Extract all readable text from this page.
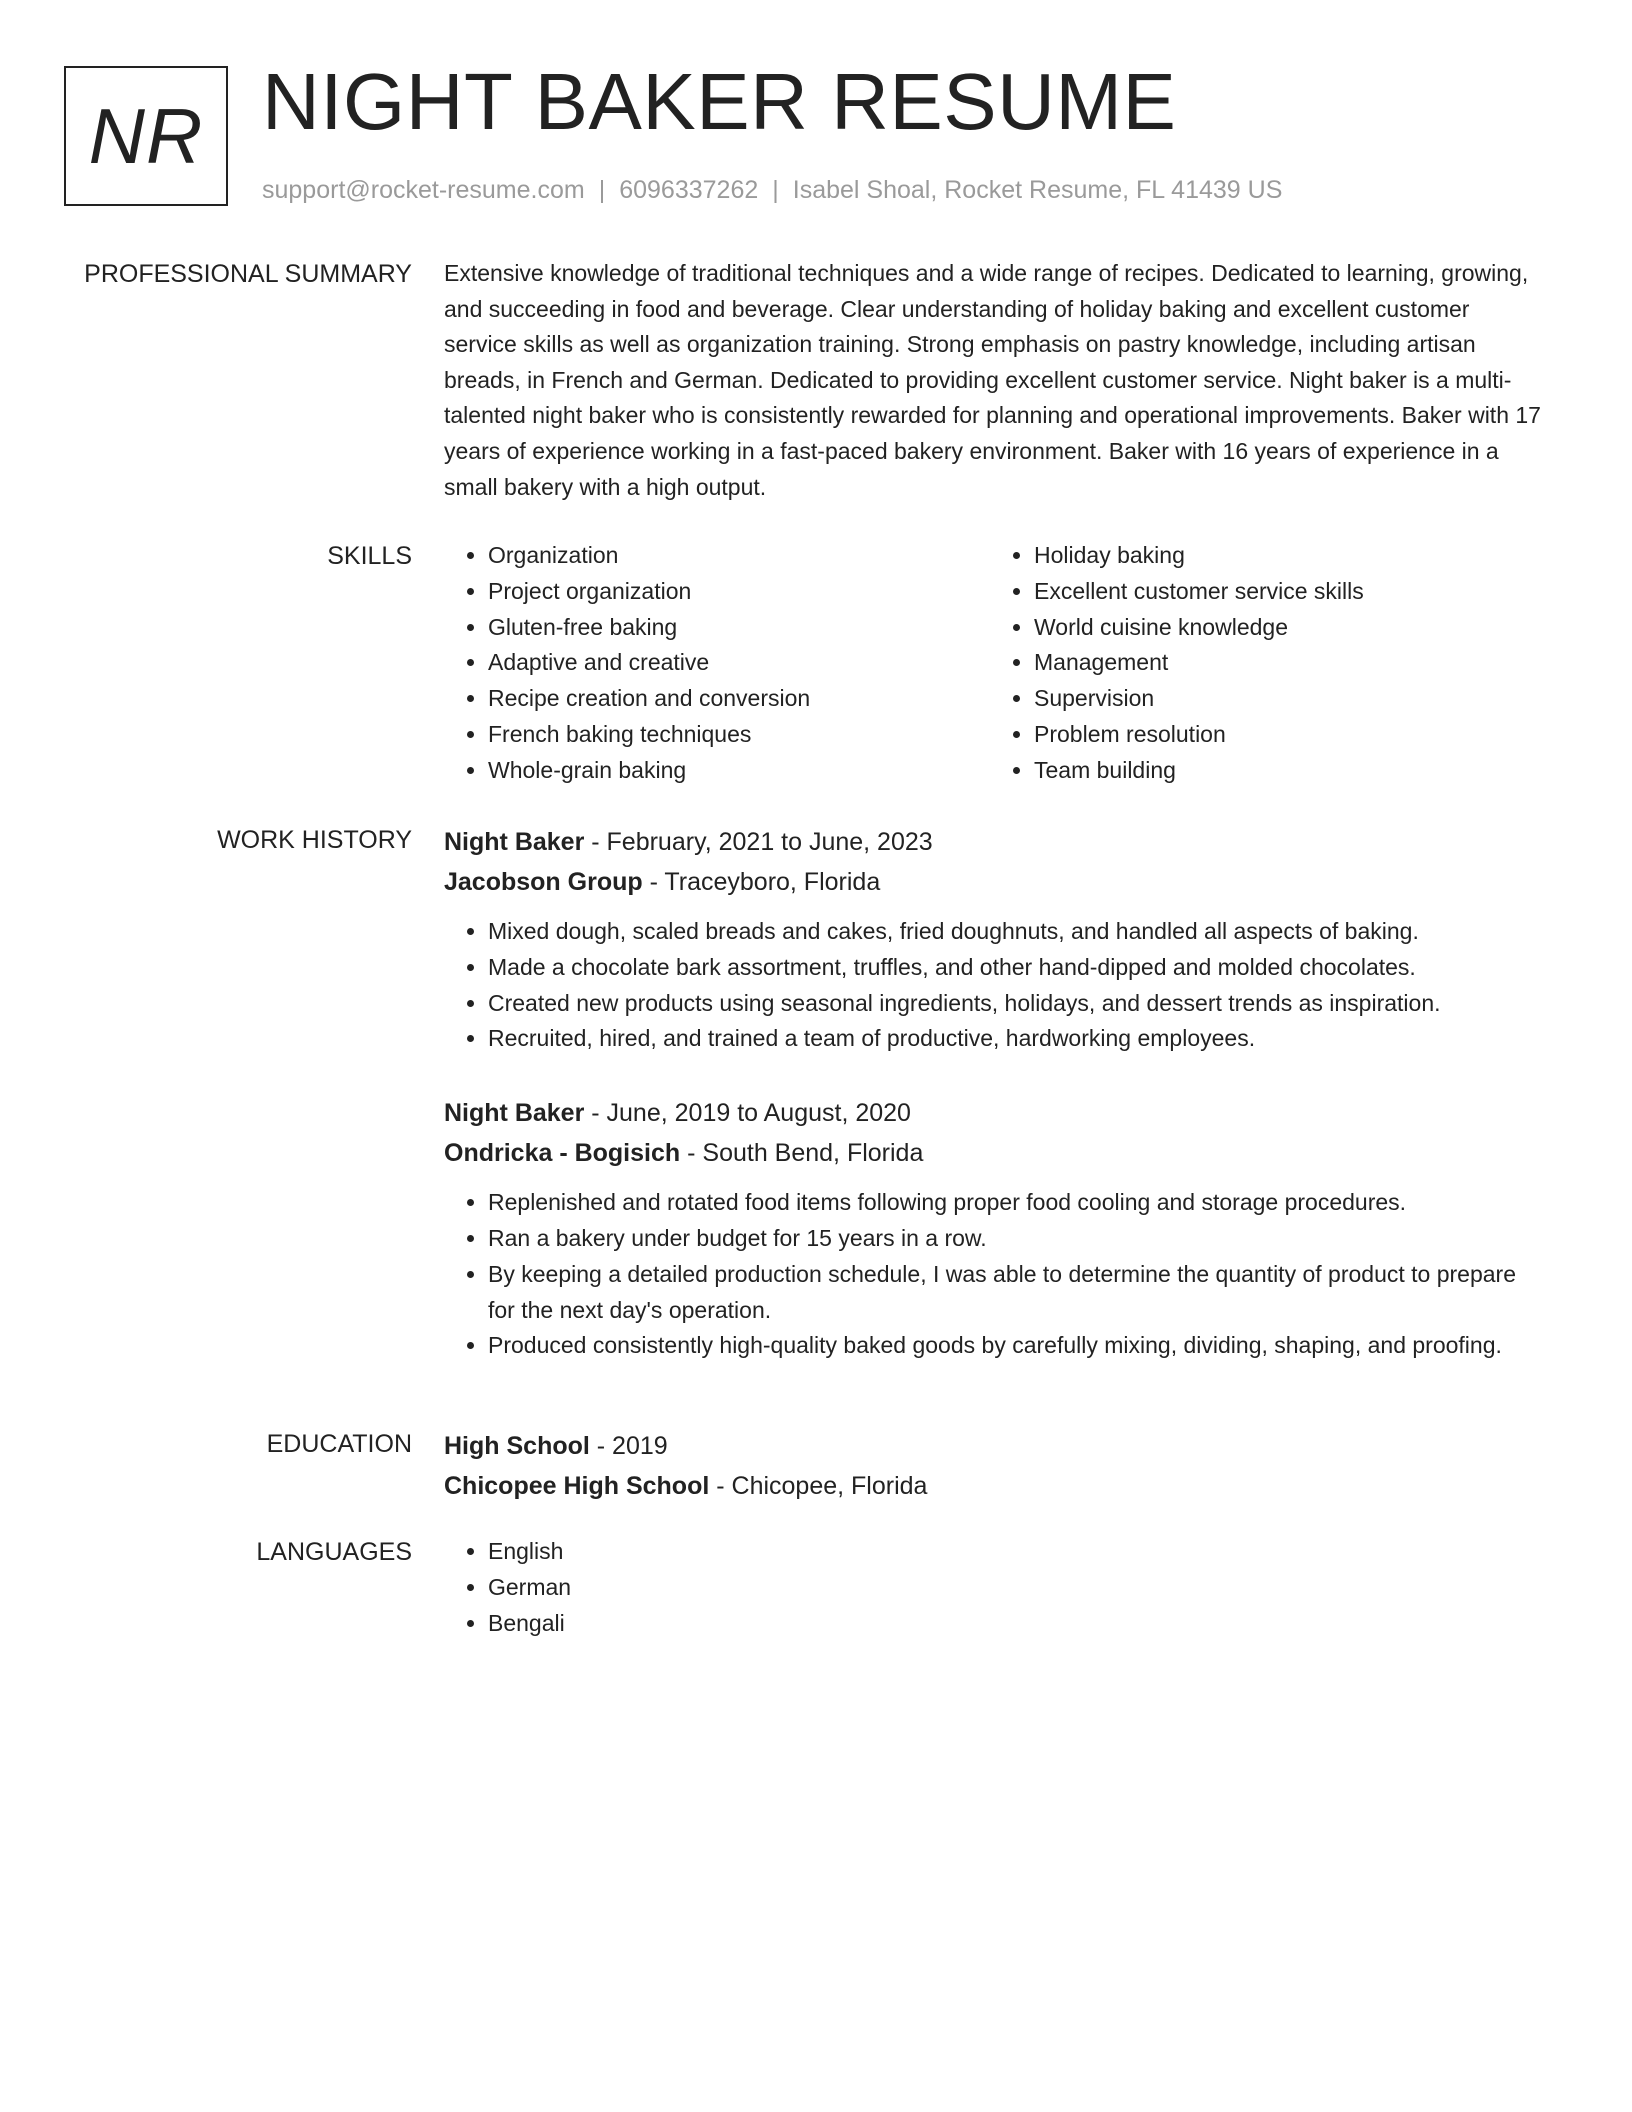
NR NIGHT BAKER RESUME
support@rocket-resume.com | 6096337262 | Isabel Shoal, Rocket Resume, FL 41439 US
PROFESSIONAL SUMMARY Extensive knowledge of traditional techniques and a wide range of recipes. Dedicated to learning, growing, and succeeding in food and beverage. Clear understanding of holiday baking and excellent customer service skills as well as organization training. Strong emphasis on pastry knowledge, including artisan breads, in French and German. Dedicated to providing excellent customer service. Night baker is a multi-talented night baker who is consistently rewarded for planning and operational improvements. Baker with 17 years of experience working in a fast-paced bakery environment. Baker with 16 years of experience in a small bakery with a high output.

SKILLS	• Organization
• Project organization
• Gluten-free baking
• Adaptive and creative
• Recipe creation and conversion
• French baking techniques
• Whole-grain baking
• Holiday baking
• Excellent customer service skills
• World cuisine knowledge
• Management
• Supervision
• Problem resolution
• Team building
WORK HISTORY Night Baker - February, 2021 to June, 2023
Jacobson Group - Traceyboro, Florida
• Mixed dough, scaled breads and cakes, fried doughnuts, and handled all aspects of baking.
• Made a chocolate bark assortment, truffles, and other hand-dipped and molded chocolates.
• Created new products using seasonal ingredients, holidays, and dessert trends as inspiration.
• Recruited, hired, and trained a team of productive, hardworking employees.
Night Baker - June, 2019 to August, 2020
Ondricka - Bogisich - South Bend, Florida
• Replenished and rotated food items following proper food cooling and storage procedures.
• Ran a bakery under budget for 15 years in a row.
• By keeping a detailed production schedule, I was able to determine the quantity of product to prepare for the next day's operation.
• Produced consistently high-quality baked goods by carefully mixing, dividing, shaping, and proofing.
EDUCATION High School - 2019
Chicopee High School - Chicopee, Florida
LANGUAGES	• English
• German
• Bengali
